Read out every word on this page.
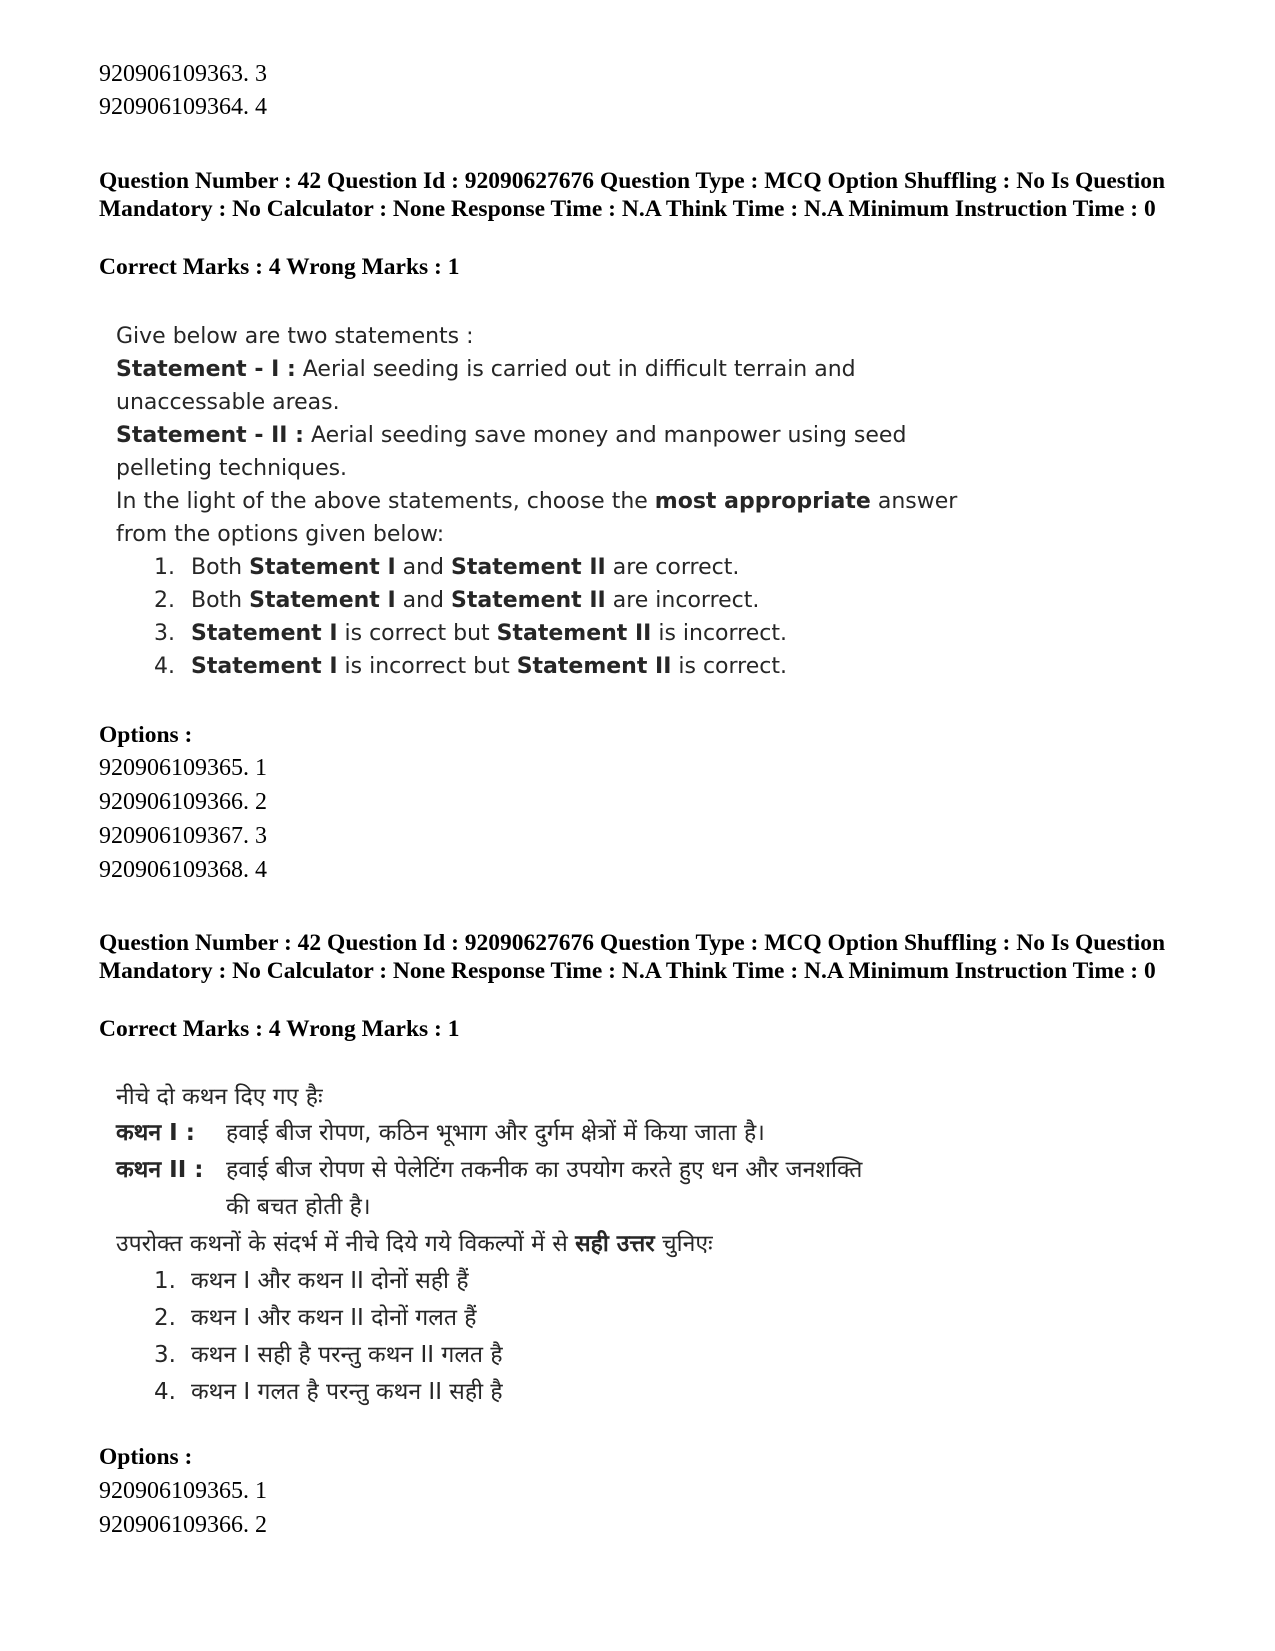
920906109363. 3
920906109364. 4
Question Number : 42 Question Id : 92090627676 Question Type : MCQ Option Shuffling : No Is Question Mandatory : No Calculator : None Response Time : N.A Think Time : N.A Minimum Instruction Time : 0
Correct Marks : 4 Wrong Marks : 1
Give below are two statements :
Statement - I : Aerial seeding is carried out in difficult terrain and
unaccessable areas.
Statement - II : Aerial seeding save money and manpower using seed
pelleting techniques.
In the light of the above statements, choose the most appropriate answer
from the options given below:
1. Both Statement I and Statement II are correct.
2. Both Statement I and Statement II are incorrect.
3. Statement I is correct but Statement II is incorrect.
4. Statement I is incorrect but Statement II is correct.
Options :
920906109365. 1
920906109366. 2
920906109367. 3
920906109368. 4
Question Number : 42 Question Id : 92090627676 Question Type : MCQ Option Shuffling : No Is Question Mandatory : No Calculator : None Response Time : N.A Think Time : N.A Minimum Instruction Time : 0
Correct Marks : 4 Wrong Marks : 1
नीचे दो कथन दिए गए हैः
कथन I : हवाई बीज रोपण, कठिन भूभाग और दुर्गम क्षेत्रों में किया जाता है।
कथन II : हवाई बीज रोपण से पेलेटिंग तकनीक का उपयोग करते हुए धन और जनशक्ति
की बचत होती है।
उपरोक्त कथनों के संदर्भ में नीचे दिये गये विकल्पों में से सही उत्तर चुनिएः
1. कथन I और कथन II दोनों सही हैं
2. कथन I और कथन II दोनों गलत हैं
3. कथन I सही है परन्तु कथन II गलत है
4. कथन I गलत है परन्तु कथन II सही है
Options :
920906109365. 1
920906109366. 2
